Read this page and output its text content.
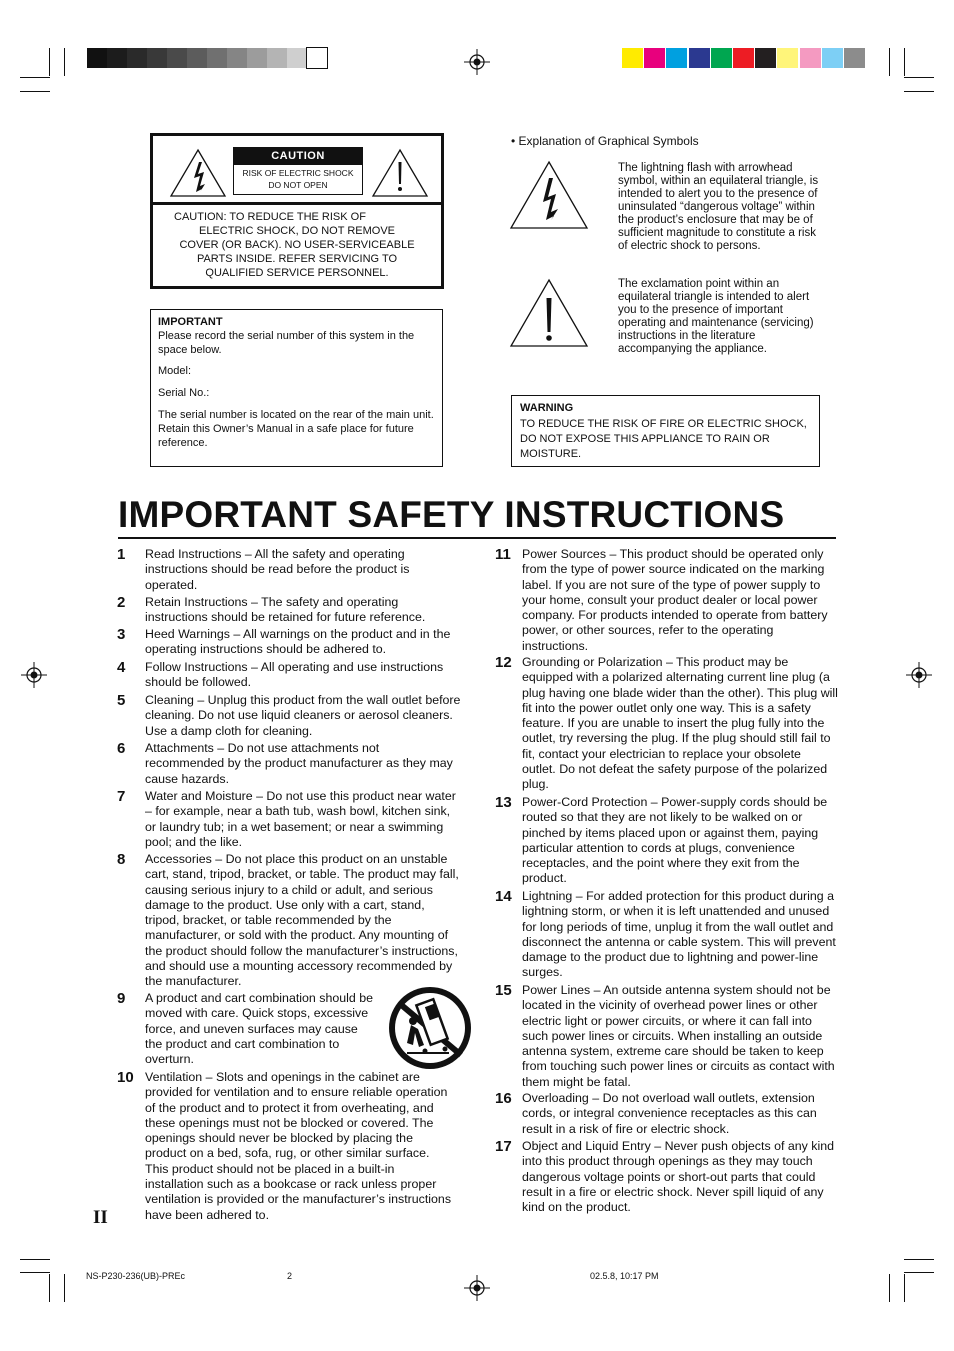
CAUTION
RISK OF ELECTRIC SHOCK
DO NOT OPEN
CAUTION: TO REDUCE THE RISK OF
ELECTRIC SHOCK, DO NOT REMOVE
COVER (OR BACK). NO USER-SERVICEABLE
PARTS INSIDE. REFER SERVICING TO
QUALIFIED SERVICE PERSONNEL.

IMPORTANT

Please record the serial number of this system in the space below.

Model:

Serial No.:

The serial number is located on the rear of the main unit.

Retain this Owner’s Manual in a safe place for future reference.

• Explanation of Graphical Symbols
The lightning flash with arrowhead symbol, within an equilateral triangle, is intended to alert you to the presence of uninsulated “dangerous voltage” within the product’s enclosure that may be of sufficient magnitude to constitute a risk of electric shock to persons.
The exclamation point within an equilateral triangle is intended to alert you to the presence of important operating and maintenance (servicing) instructions in the literature accompanying the appliance.
WARNING
TO REDUCE THE RISK OF FIRE OR ELECTRIC SHOCK, DO NOT EXPOSE THIS APPLIANCE TO RAIN OR MOISTURE.
IMPORTANT SAFETY INSTRUCTIONS
1 Read Instructions – All the safety and operating instructions should be read before the product is operated.
2 Retain Instructions – The safety and operating instructions should be retained for future reference.
3 Heed Warnings – All warnings on the product and in the operating instructions should be adhered to.
4 Follow Instructions – All operating and use instructions should be followed.
5 Cleaning – Unplug this product from the wall outlet before cleaning. Do not use liquid cleaners or aerosol cleaners. Use a damp cloth for cleaning.
6 Attachments – Do not use attachments not recommended by the product manufacturer as they may cause hazards.
7 Water and Moisture – Do not use this product near water – for example, near a bath tub, wash bowl, kitchen sink, or laundry tub; in a wet basement; or near a swimming pool; and the like.
8 Accessories – Do not place this product on an unstable cart, stand, tripod, bracket, or table. The product may fall, causing serious injury to a child or adult, and serious damage to the product. Use only with a cart, stand, tripod, bracket, or table recommended by the manufacturer, or sold with the product. Any mounting of the product should follow the manufacturer’s instructions, and should use a mounting accessory recommended by the manufacturer.
9 A product and cart combination should be moved with care. Quick stops, excessive force, and uneven surfaces may cause the product and cart combination to overturn.
10 Ventilation – Slots and openings in the cabinet are provided for ventilation and to ensure reliable operation of the product and to protect it from overheating, and these openings must not be blocked or covered. The openings should never be blocked by placing the product on a bed, sofa, rug, or other similar surface. This product should not be placed in a built-in installation such as a bookcase or rack unless proper ventilation is provided or the manufacturer’s instructions have been adhered to.
11 Power Sources – This product should be operated only from the type of power source indicated on the marking label. If you are not sure of the type of power supply to your home, consult your product dealer or local power company. For products intended to operate from battery power, or other sources, refer to the operating instructions.
12 Grounding or Polarization – This product may be equipped with a polarized alternating current line plug (a plug having one blade wider than the other). This plug will fit into the power outlet only one way. This is a safety feature. If you are unable to insert the plug fully into the outlet, try reversing the plug. If the plug should still fail to fit, contact your electrician to replace your obsolete outlet. Do not defeat the safety purpose of the polarized plug.
13 Power-Cord Protection – Power-supply cords should be routed so that they are not likely to be walked on or pinched by items placed upon or against them, paying particular attention to cords at plugs, convenience receptacles, and the point where they exit from the product.
14 Lightning – For added protection for this product during a lightning storm, or when it is left unattended and unused for long periods of time, unplug it from the wall outlet and disconnect the antenna or cable system. This will prevent damage to the product due to lightning and power-line surges.
15 Power Lines – An outside antenna system should not be located in the vicinity of overhead power lines or other electric light or power circuits, or where it can fall into such power lines or circuits. When installing an outside antenna system, extreme care should be taken to keep from touching such power lines or circuits as contact with them might be fatal.
16 Overloading – Do not overload wall outlets, extension cords, or integral convenience receptacles as this can result in a risk of fire or electric shock.
17 Object and Liquid Entry – Never push objects of any kind into this product through openings as they may touch dangerous voltage points or short-out parts that could result in a fire or electric shock. Never spill liquid of any kind on the product.
II
NS-P230-236(UB)-PREc	2	02.5.8, 10:17 PM
